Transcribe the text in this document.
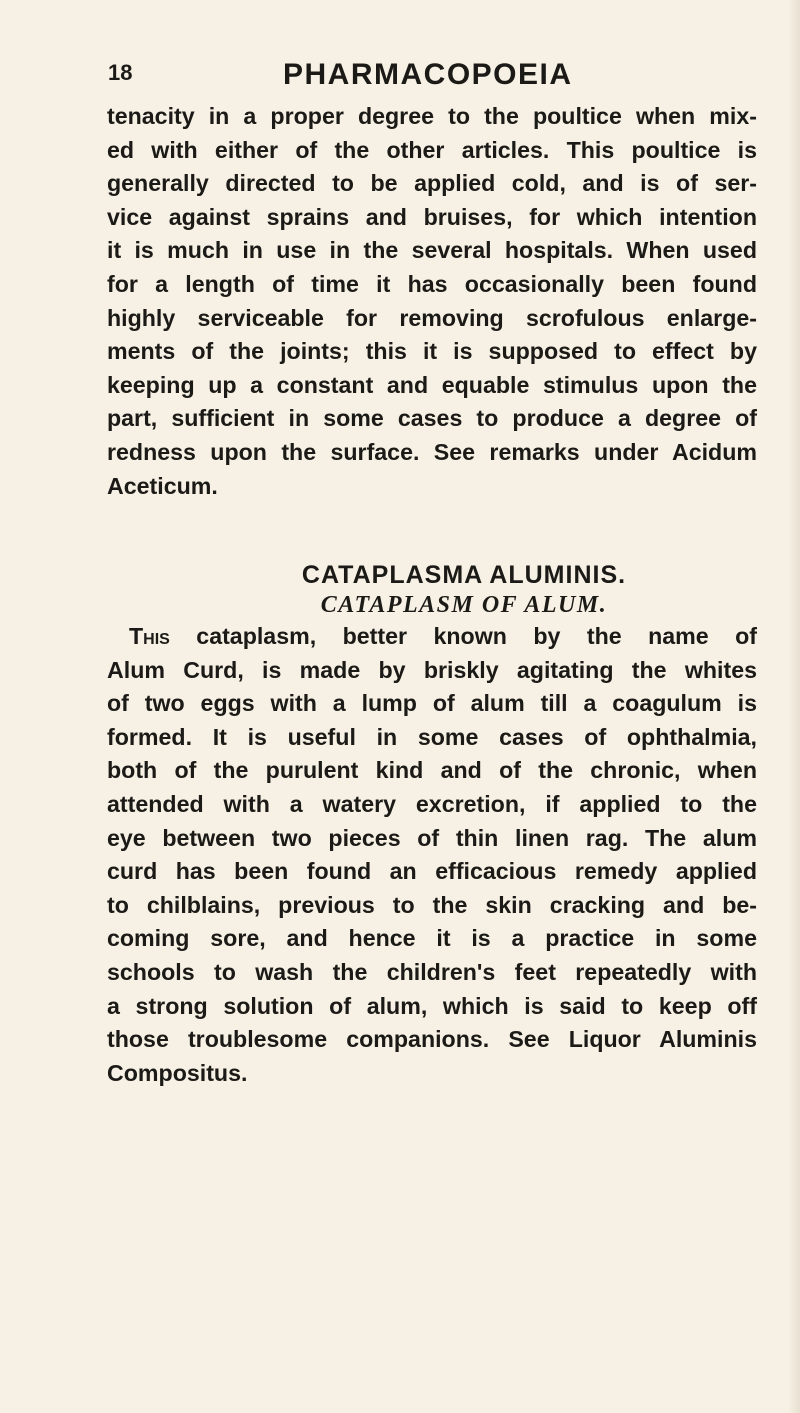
18	PHARMACOPOEIA
tenacity in a proper degree to the poultice when mix-
ed with either of the other articles. This poultice is
generally directed to be applied cold, and is of ser-
vice against sprains and bruises, for which intention
it is much in use in the several hospitals. When used
for a length of time it has occasionally been found
highly serviceable for removing scrofulous enlarge-
ments of the joints; this it is supposed to effect by
keeping up a constant and equable stimulus upon the
part, sufficient in some cases to produce a degree of
redness upon the surface. See remarks under Acidum
Aceticum.
CATAPLASMA ALUMINIS.
CATAPLASM OF ALUM.
This cataplasm, better known by the name of
Alum Curd, is made by briskly agitating the whites
of two eggs with a lump of alum till a coagulum is
formed. It is useful in some cases of ophthalmia,
both of the purulent kind and of the chronic, when
attended with a watery excretion, if applied to the
eye between two pieces of thin linen rag. The alum
curd has been found an efficacious remedy applied
to chilblains, previous to the skin cracking and be-
coming sore, and hence it is a practice in some
schools to wash the children's feet repeatedly with
a strong solution of alum, which is said to keep off
those troublesome companions. See Liquor Aluminis
Compositus.
